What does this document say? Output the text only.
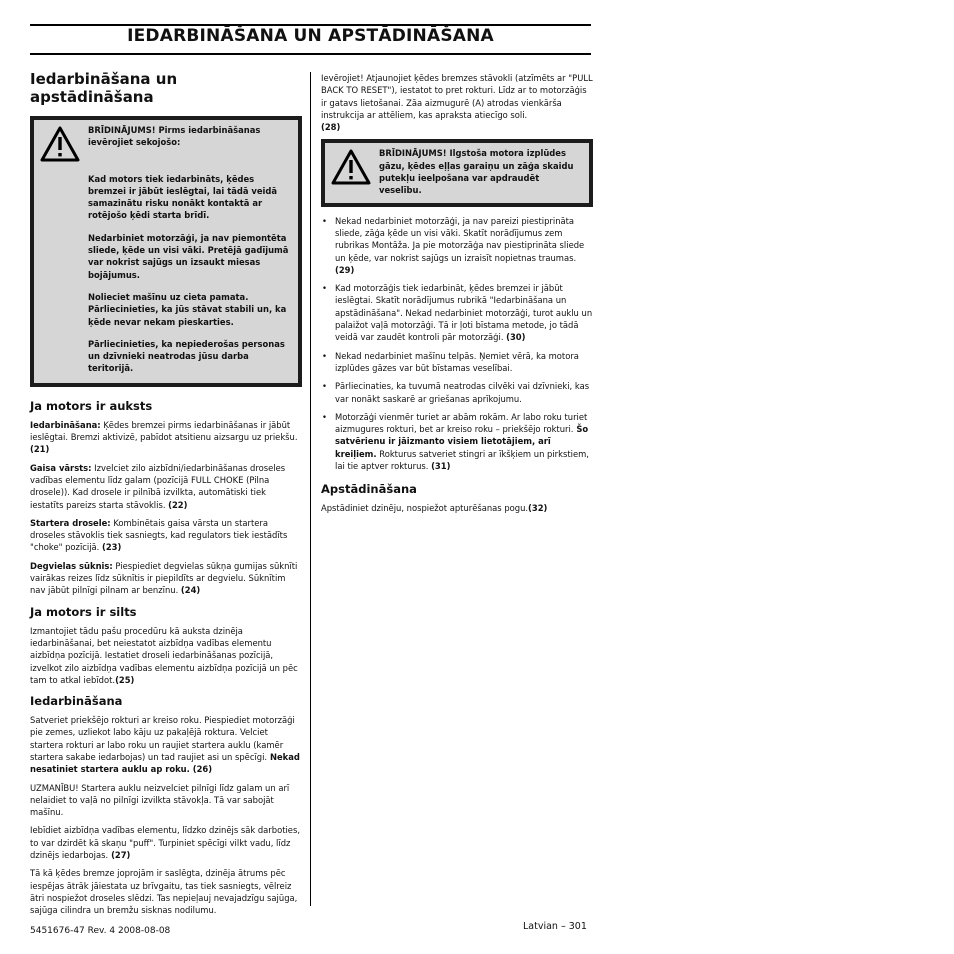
IEDARBINĀŠANA UN APSTĀDINĀŠANA
Iedarbināšana un apstādināšana

BRĪDINĀJUMS! Pirms iedarbināšanas ievērojiet sekojošo:

Kad motors tiek iedarbināts, ķēdes bremzei ir jābūt ieslēgtai, lai tādā veidā samazinātu risku nonākt kontaktā ar rotējošo ķēdi starta brīdī.

Nedarbiniet motorzāģi, ja nav piemontēta sliede, ķēde un visi vāki. Pretējā gadījumā var nokrist sajūgs un izsaukt miesas bojājumus.

Nolieciet mašīnu uz cieta pamata. Pārliecinieties, ka jūs stāvat stabili un, ka ķēde nevar nekam pieskarties.

Pārliecinieties, ka nepiederošas personas un dzīvnieki neatrodas jūsu darba teritorijā.

Ja motors ir auksts

Iedarbināšana: Ķēdes bremzei pirms iedarbināšanas ir jābūt ieslēgtai. Bremzi aktivizē, pabīdot atsitienu aizsargu uz priekšu. (21)

Gaisa vārsts: Izvelciet zilo aizbīdni/iedarbināšanas droseles vadības elementu līdz galam (pozīcijā FULL CHOKE (Pilna drosele)). Kad drosele ir pilnībā izvilkta, automātiski tiek iestatīts pareizs starta stāvoklis. (22)

Startera drosele: Kombinētais gaisa vārsta un startera droseles stāvoklis tiek sasniegts, kad regulators tiek iestādīts "choke" pozīcijā. (23)

Degvielas sūknis: Piespiediet degvielas sūkņa gumijas sūknīti vairākas reizes līdz sūknītis ir piepildīts ar degvielu. Sūknītim nav jābūt pilnīgi pilnam ar benzīnu. (24)

Ja motors ir silts

Izmantojiet tādu pašu procedūru kā auksta dzinēja iedarbināšanai, bet neiestatot aizbīdņa vadības elementu aizbīdņa pozīcijā. Iestatiet droseli iedarbināšanas pozīcijā, izvelkot zilo aizbīdņa vadības elementu aizbīdņa pozīcijā un pēc tam to atkal iebīdot.(25)

Iedarbināšana

Satveriet priekšējo rokturi ar kreiso roku. Piespiediet motorzāģi pie zemes, uzliekot labo kāju uz pakaļējā roktura. Velciet startera rokturi ar labo roku un raujiet startera auklu (kamēr startera sakabe iedarbojas) un tad raujiet asi un spēcīgi. Nekad nesatiniet startera auklu ap roku. (26)

UZMANĪBU! Startera auklu neizvelciet pilnīgi līdz galam un arī nelaidiet to vaļā no pilnīgi izvilkta stāvokļa. Tā var sabojāt mašīnu.

Iebīdiet aizbīdņa vadības elementu, līdzko dzinējs sāk darboties, to var dzirdēt kā skaņu "puff". Turpiniet spēcīgi vilkt vadu, līdz dzinējs iedarbojas. (27)

Tā kā ķēdes bremze joprojām ir saslēgta, dzinēja ātrums pēc iespējas ātrāk jāiestata uz brīvgaitu, tas tiek sasniegts, vēlreiz ātri nospiežot droseles slēdzi. Tas nepieļauj nevajadzīgu sajūga, sajūga cilindra un bremžu sisknas nodilumu.

Ievērojiet! Atjaunojiet ķēdes bremzes stāvokli (atzīmēts ar "PULL BACK TO RESET"), iestatot to pret rokturi. Līdz ar to motorzāģis ir gatavs lietošanai. Zāa aizmugurē (A) atrodas vienkārša instrukcija ar attēliem, kas apraksta atiecīgo soli.
(28)

BRĪDINĀJUMS! Ilgstoša motora izplūdes gāzu, ķēdes eļļas garaiņu un zāģa skaidu putekļu ieelpošana var apdraudēt veselību.

• Nekad nedarbiniet motorzāģi, ja nav pareizi piestiprināta sliede, zāģa ķēde un visi vāki. Skatīt norādījumus zem rubrikas Montāža. Ja pie motorzāģa nav piestiprināta sliede un ķēde, var nokrist sajūgs un izraisīt nopietnas traumas. (29)
• Kad motorzāģis tiek iedarbināt, ķēdes bremzei ir jābūt ieslēgtai. Skatīt norādījumus rubrikā "Iedarbināšana un apstādināšana". Nekad nedarbiniet motorzāģi, turot auklu un palaižot vaļā motorzāģi. Tā ir ļoti bīstama metode, jo tādā veidā var zaudēt kontroli pār motorzāģi. (30)
• Nekad nedarbiniet mašīnu telpās. Ņemiet vērā, ka motora izplūdes gāzes var būt bīstamas veselībai.
• Pārliecinaties, ka tuvumā neatrodas cilvēki vai dzīvnieki, kas var nonākt saskarē ar griešanas aprīkojumu.
• Motorzāģi vienmēr turiet ar abām rokām. Ar labo roku turiet aizmugures rokturi, bet ar kreiso roku – priekšējo rokturi. Šo satvērienu ir jāizmanto visiem lietotājiem, arī kreiļiem. Rokturus satveriet stingri ar īkšķiem un pirkstiem, lai tie aptver rokturus. (31)
Apstādināšana

Apstādiniet dzinēju, nospiežot apturēšanas pogu.(32)

5451676-47 Rev. 4 2008-08-08	Latvian – 301
